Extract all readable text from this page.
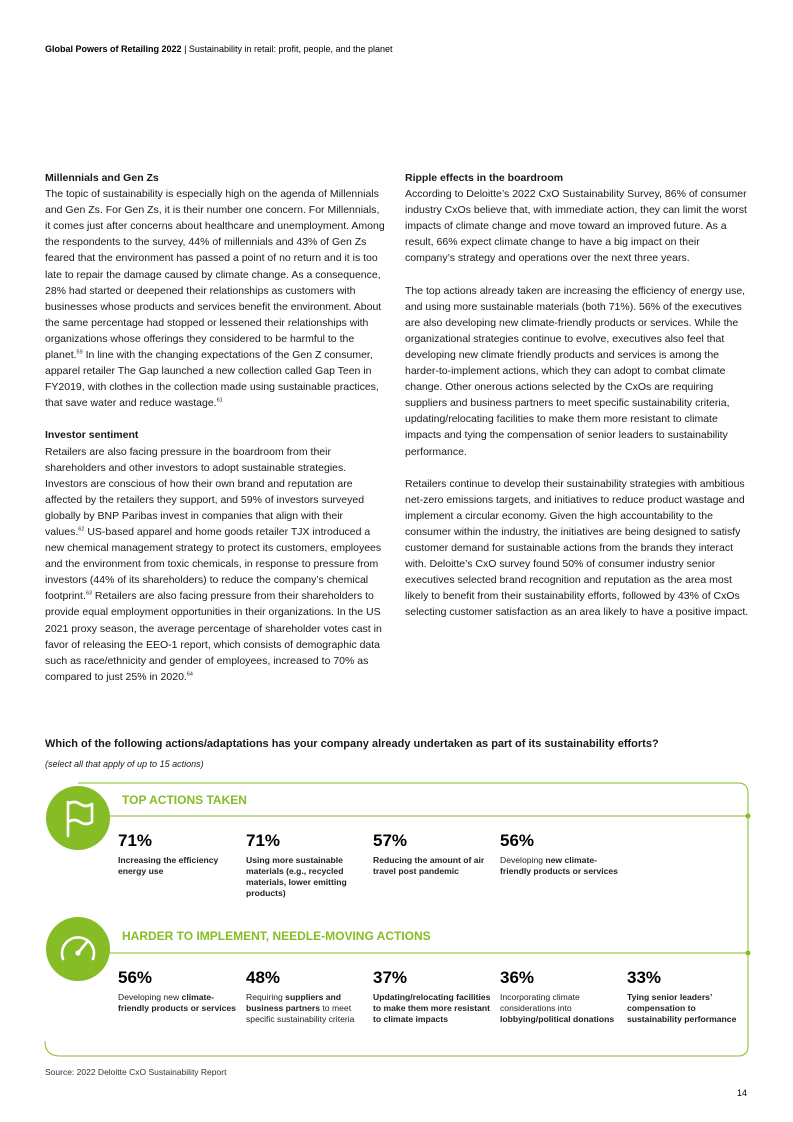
Global Powers of Retailing 2022 | Sustainability in retail: profit, people, and the planet
Millennials and Gen Zs

The topic of sustainability is especially high on the agenda of Millennials and Gen Zs. For Gen Zs, it is their number one concern. For Millennials, it comes just after concerns about healthcare and unemployment. Among the respondents to the survey, 44% of millennials and 43% of Gen Zs feared that the environment has passed a point of no return and it is too late to repair the damage caused by climate change. As a consequence, 28% had started or deepened their relationships as customers with businesses whose products and services benefit the environment. About the same percentage had stopped or lessened their relationships with organizations whose offerings they considered to be harmful to the planet.$^{59}$ In line with the changing expectations of the Gen Z consumer, apparel retailer The Gap launched a new collection called Gap Teen in FY2019, with clothes in the collection made using sustainable practices, that save water and reduce wastage.$^{61}$

Investor sentiment

Retailers are also facing pressure in the boardroom from their shareholders and other investors to adopt sustainable strategies. Investors are conscious of how their own brand and reputation are affected by the retailers they support, and 59% of investors surveyed globally by BNP Paribas invest in companies that align with their values.$^{62}$ US-based apparel and home goods retailer TJX introduced a new chemical management strategy to protect its customers, employees and the environment from toxic chemicals, in response to pressure from investors (44% of its shareholders) to reduce the company’s chemical footprint.$^{63}$ Retailers are also facing pressure from their shareholders to provide equal employment opportunities in their organizations. In the US 2021 proxy season, the average percentage of shareholder votes cast in favor of releasing the EEO-1 report, which consists of demographic data such as race/ethnicity and gender of employees, increased to 70% as compared to just 25% in 2020.64

Ripple effects in the boardroom

According to Deloitte’s 2022 CxO Sustainability Survey, 86% of consumer industry CxOs believe that, with immediate action, they can limit the worst impacts of climate change and move toward an improved future. As a result, 66% expect climate change to have a big impact on their company’s strategy and operations over the next three years.

The top actions already taken are increasing the efficiency of energy use, and using more sustainable materials (both 71%). 56% of the executives are also developing new climate-friendly products or services. While the organizational strategies continue to evolve, executives also feel that developing new climate friendly products and services is among the harder-to-implement actions, which they can adopt to combat climate change. Other onerous actions selected by the CxOs are requiring suppliers and business partners to meet specific sustainability criteria, updating/relocating facilities to make them more resistant to climate impacts and tying the compensation of senior leaders to sustainability performance.

Retailers continue to develop their sustainability strategies with ambitious net-zero emissions targets, and initiatives to reduce product wastage and implement a circular economy. Given the high accountability to the consumer within the industry, the initiatives are being designed to satisfy customer demand for sustainable actions from the brands they interact with. Deloitte’s CxO survey found 50% of consumer industry senior executives selected brand recognition and reputation as the area most likely to benefit from their sustainability efforts, followed by 43% of CxOs selecting customer satisfaction as an area likely to have a positive impact.

Which of the following actions/adaptations has your company already undertaken as part of its sustainability efforts?
(select all that apply of up to 15 actions)
TOP ACTIONS TAKEN
71%
Increasing the efficiency energy use
71%
Using more sustainable materials (e.g., recycled materials, lower emitting products)
57%
Reducing the amount of air travel post pandemic
56%
Developing new climate-friendly products or services
HARDER TO IMPLEMENT, NEEDLE-MOVING ACTIONS
56%
Developing new climate-friendly products or services
48%
Requiring suppliers and business partners to meet specific sustainability criteria
37%
Updating/relocating facilities to make them more resistant to climate impacts
36%
Incorporating climate considerations into lobbying/political donations
33%
Tying senior leaders’ compensation to sustainability performance
Source: 2022 Deloitte CxO Sustainability Report
14
